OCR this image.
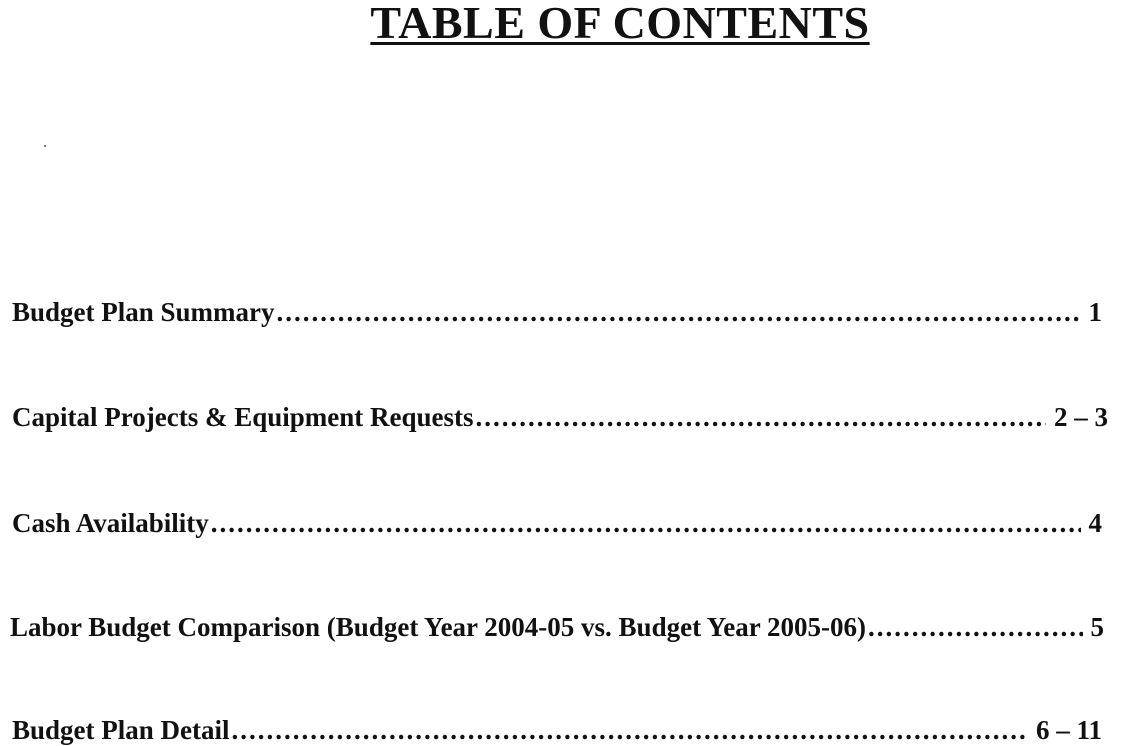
TABLE OF CONTENTS
Budget Plan Summary .....	1
Capital Projects & Equipment Requests .....	2 – 3
Cash Availability .....	4
Labor Budget Comparison (Budget Year 2004-05 vs. Budget Year 2005-06) .....	5
Budget Plan Detail .....	6 – 11
